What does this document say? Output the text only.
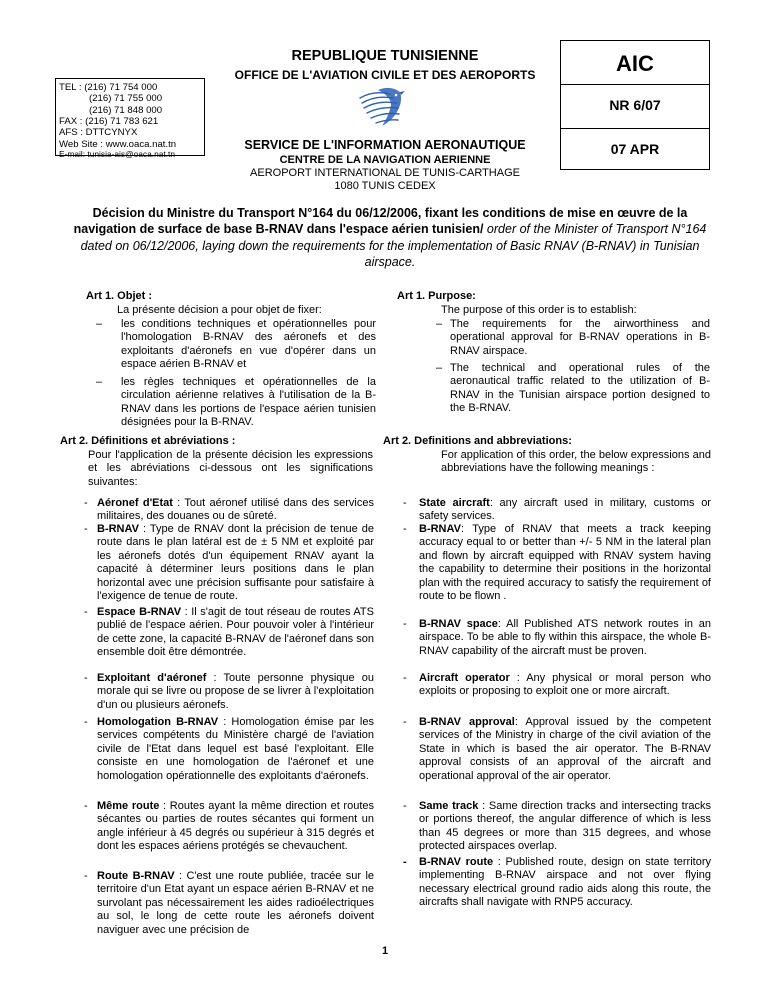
TEL : (216) 71 754 000
(216) 71 755 000
(216) 71 848 000
FAX : (216) 71 783 621
AFS : DTTCYNYX
Web Site : www.oaca.nat.tn
E-mail: tunisia-ais@oaca.nat.tn
REPUBLIQUE TUNISIENNE
OFFICE DE L'AVIATION CIVILE ET DES AEROPORTS
SERVICE DE L'INFORMATION AERONAUTIQUE
CENTRE DE LA NAVIGATION AERIENNE
AEROPORT INTERNATIONAL DE TUNIS-CARTHAGE
1080 TUNIS CEDEX
AIC
NR 6/07
07 APR
Décision du Ministre du Transport N°164 du 06/12/2006, fixant les conditions de mise en œuvre de la navigation de surface de base B-RNAV dans l'espace aérien tunisien/ order of the Minister of Transport N°164 dated on 06/12/2006, laying down the requirements for the implementation of Basic RNAV (B-RNAV) in Tunisian airspace.
Art 1. Objet :
La présente décision a pour objet de fixer:
– les conditions techniques et opérationnelles pour l'homologation B-RNAV des aéronefs et des exploitants d'aéronefs en vue d'opérer dans un espace aérien B-RNAV et
– les règles techniques et opérationnelles de la circulation aérienne relatives à l'utilisation de la B-RNAV dans les portions de l'espace aérien tunisien désignées pour la B-RNAV.
Art 2. Définitions et abréviations :
Pour l'application de la présente décision les expressions et les abréviations ci-dessous ont les significations suivantes:
- Aéronef d'Etat : Tout aéronef utilisé dans des services militaires, des douanes ou de sûreté.
- B-RNAV : Type de RNAV dont la précision de tenue de route dans le plan latéral est de ± 5 NM et exploité par les aéronefs dotés d'un équipement RNAV ayant la capacité à déterminer leurs positions dans le plan horizontal avec une précision suffisante pour satisfaire à l'exigence de tenue de route.
- Espace B-RNAV : Il s'agit de tout réseau de routes ATS publié de l'espace aérien. Pour pouvoir voler à l'intérieur de cette zone, la capacité B-RNAV de l'aéronef dans son ensemble doit être démontrée.
- Exploitant d'aéronef : Toute personne physique ou morale qui se livre ou propose de se livrer à l'exploitation d'un ou plusieurs aéronefs.
- Homologation B-RNAV : Homologation émise par les services compétents du Ministère chargé de l'aviation civile de l'Etat dans lequel est basé l'exploitant. Elle consiste en une homologation de l'aéronef et une homologation opérationnelle des exploitants d'aéronefs.
- Même route : Routes ayant la même direction et routes sécantes ou parties de routes sécantes qui forment un angle inférieur à 45 degrés ou supérieur à 315 degrés et dont les espaces aériens protégés se chevauchent.
- Route B-RNAV : C'est une route publiée, tracée sur le territoire d'un Etat ayant un espace aérien B-RNAV et ne survolant pas nécessairement les aides radioélectriques au sol, le long de cette route les aéronefs doivent naviguer avec une précision de
Art 1. Purpose:
The purpose of this order is to establish:
– The requirements for the airworthiness and operational approval for B-RNAV operations in B-RNAV airspace.
– The technical and operational rules of the aeronautical traffic related to the utilization of B-RNAV in the Tunisian airspace portion designed to the B-RNAV.
Art 2. Definitions and abbreviations:
For application of this order, the below expressions and abbreviations have the following meanings :
- State aircraft: any aircraft used in military, customs or safety services.
- B-RNAV: Type of RNAV that meets a track keeping accuracy equal to or better than +/- 5 NM in the lateral plan and flown by aircraft equipped with RNAV system having the capability to determine their positions in the horizontal plan with the required accuracy to satisfy the requirement of route to be flown .
- B-RNAV space: All Published ATS network routes in an airspace. To be able to fly within this airspace, the whole B-RNAV capability of the aircraft must be proven.
- Aircraft operator : Any physical or moral person who exploits or proposing to exploit one or more aircraft.
- B-RNAV approval: Approval issued by the competent services of the Ministry in charge of the civil aviation of the State in which is based the air operator. The B-RNAV approval consists of an approval of the aircraft and operational approval of the air operator.
- Same track : Same direction tracks and intersecting tracks or portions thereof, the angular difference of which is less than 45 degrees or more than 315 degrees, and whose protected airspaces overlap.
- B-RNAV route : Published route, design on state territory implementing B-RNAV airspace and not over flying necessary electrical ground radio aids along this route, the aircrafts shall navigate with RNP5 accuracy.
1
